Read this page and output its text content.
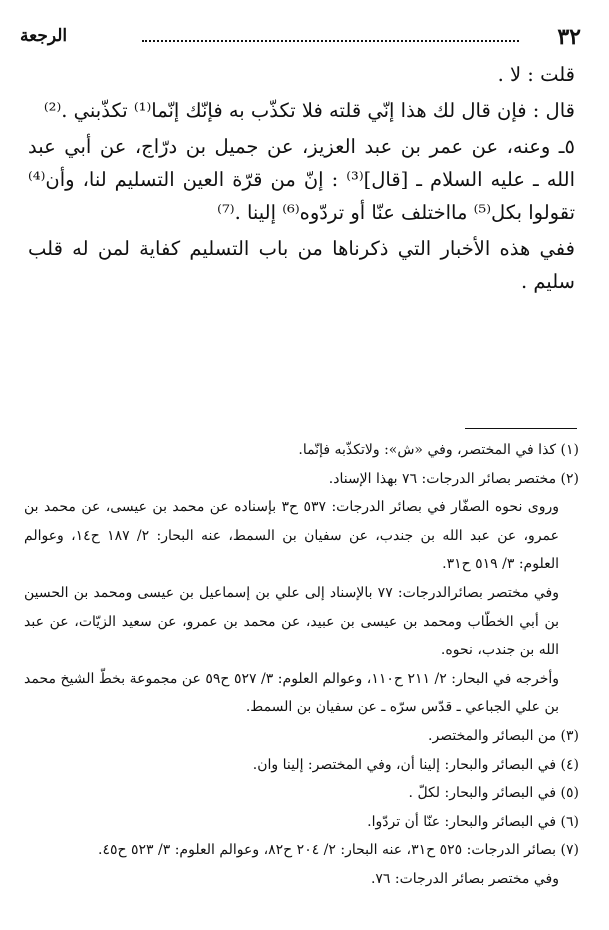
٣٢
الرجعة

قلت : لا .

قال : فإن قال لك هذا إنّي قلته فلا تكذّب به فإنّك إنّما⁽¹⁾ تكذّبني .⁽²⁾

٥ـ وعنه، عن عمر بن عبد العزيز، عن جميل بن درّاج، عن أبي عبد الله ـ عليه السلام ـ [قال]⁽³⁾ : إنّ من قرّة العين التسليم لنا، وأن⁽⁴⁾ تقولوا بكل⁽⁵⁾ مااختلف عنّا أو تردّوه⁽⁶⁾ إلينا .⁽⁷⁾

ففي هذه الأخبار التي ذكرناها من باب التسليم كفاية لمن له قلب سليم .

(١) كذا في المختصر، وفي «ش»: ولاتكذّبه فإنّما.

(٢) مختصر بصائر الدرجات: ٧٦ بهذا الإسناد.

وروى نحوه الصفّار في بصائر الدرجات: ٥٣٧ ح٣ بإسناده عن محمد بن عيسى، عن محمد بن عمرو، عن عبد الله بن جندب، عن سفيان بن السمط، عنه البحار: ٢/ ١٨٧ ح١٤، وعوالم العلوم: ٣/ ٥١٩ ح٣١.

وفي مختصر بصائرالدرجات: ٧٧ بالإسناد إلى علي بن إسماعيل بن عيسى ومحمد بن الحسين بن أبي الخطّاب ومحمد بن عيسى بن عبيد، عن محمد بن عمرو، عن سعيد الزيّات، عن عبد الله بن جندب، نحوه.

وأخرجه في البحار: ٢/ ٢١١ ح١١٠، وعوالم العلوم: ٣/ ٥٢٧ ح٥٩ عن مجموعة بخطّ الشيخ محمد بن علي الجباعي ـ قدّس سرّه ـ عن سفيان بن السمط.

(٣) من البصائر والمختصر.

(٤) في البصائر والبحار: إلينا أن، وفي المختصر: إلينا وان.

(٥) في البصائر والبحار: لكلّ .

(٦) في البصائر والبحار: عنّا أن تردّوا.

(٧) بصائر الدرجات: ٥٢٥ ح٣١، عنه البحار: ٢/ ٢٠٤ ح٨٢، وعوالم العلوم: ٣/ ٥٢٣ ح٤٥.

وفي مختصر بصائر الدرجات: ٧٦.
